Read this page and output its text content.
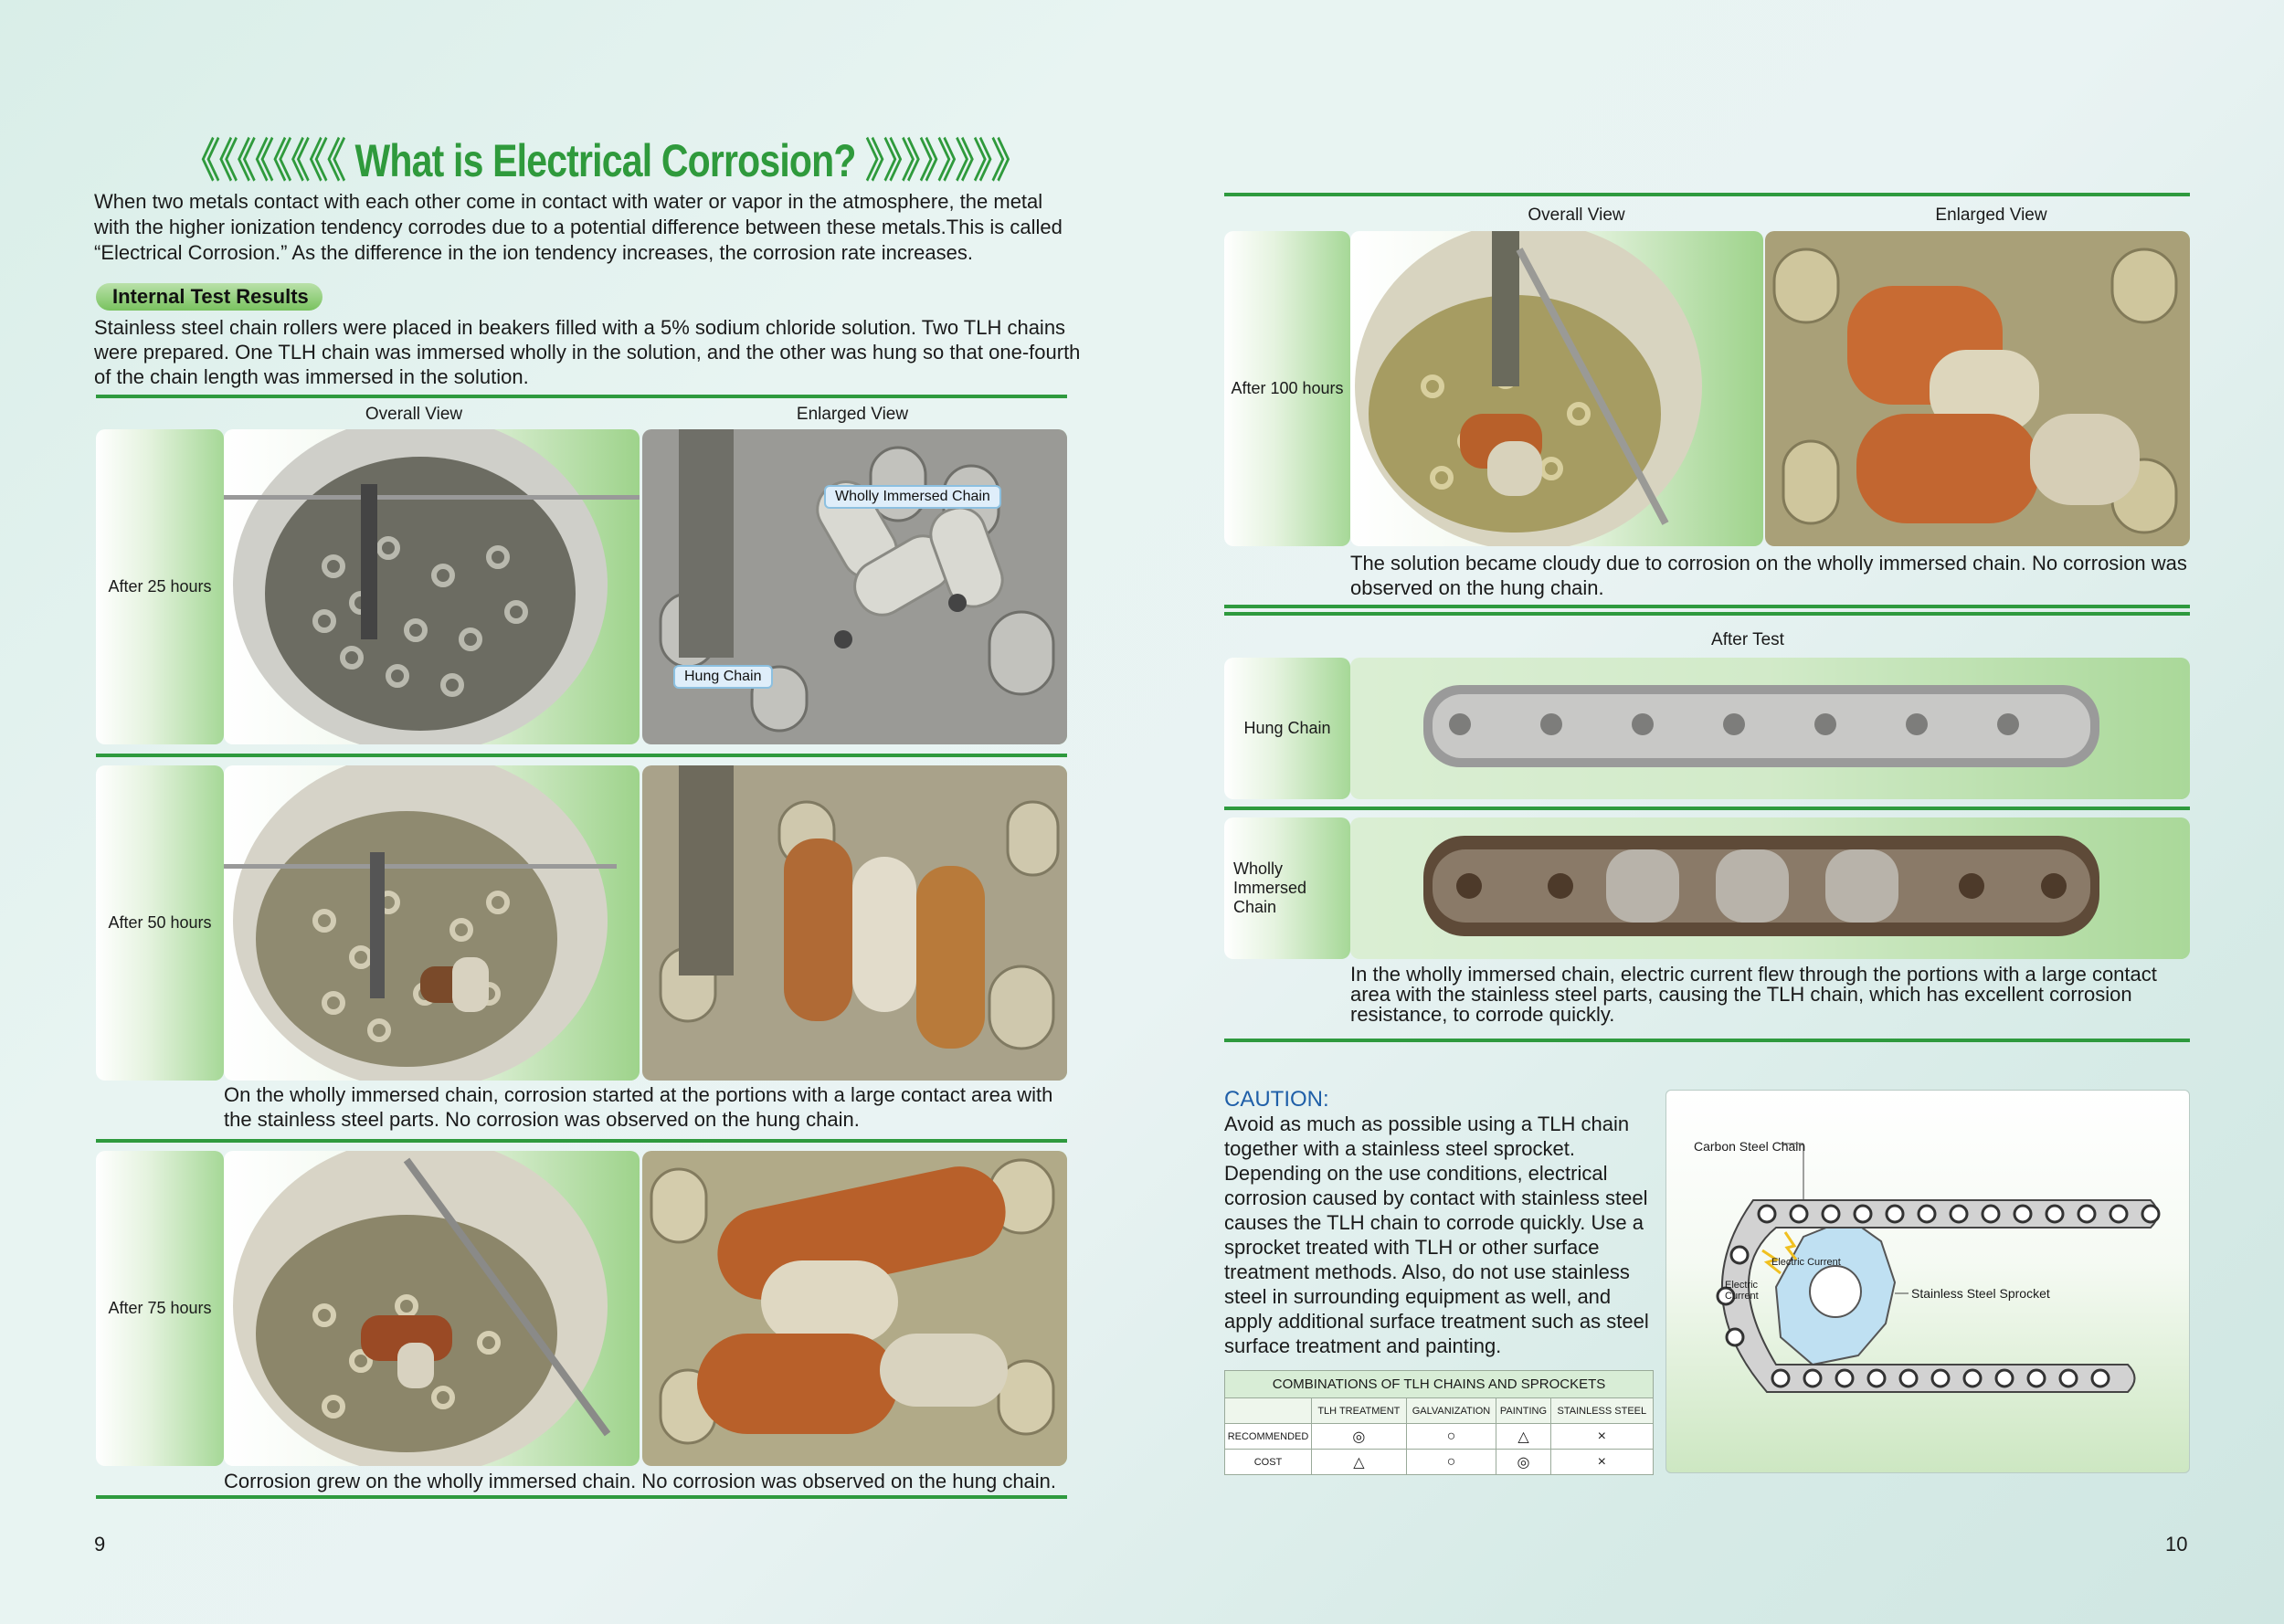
《《《《《《《《 What is Electrical Corrosion? 》》》》》》》》
When two metals contact with each other come in contact with water or vapor in the atmosphere, the metal with the higher ionization tendency corrodes due to a potential difference between these metals.This is called “Electrical Corrosion.” As the difference in the ion tendency increases, the corrosion rate increases.
Internal Test Results
Stainless steel chain rollers were placed in beakers filled with a 5% sodium chloride solution. Two TLH chains were prepared. One TLH chain was immersed wholly in the solution, and the other was hung so that one-fourth of the chain length was immersed in the solution.
Overall View	Enlarged View
After 25 hours
Wholly Immersed Chain
Hung Chain
After 50 hours
On the wholly immersed chain, corrosion started at the portions with a large contact area with the stainless steel parts. No corrosion was observed on the hung chain.
After 75 hours
Corrosion grew on the wholly immersed chain. No corrosion was observed on the hung chain.
9
Overall View	Enlarged View
After 100 hours
The solution became cloudy due to corrosion on the wholly immersed chain. No corrosion was observed on the hung chain.
After Test
Hung Chain
Wholly
Immersed Chain
In the wholly immersed chain, electric current flew through the portions with a large contact area with the stainless steel parts, causing the TLH chain, which has excellent corrosion resistance, to corrode quickly.
CAUTION:
Avoid as much as possible using a TLH chain together with a stainless steel sprocket. Depending on the use conditions, electrical corrosion caused by contact with stainless steel causes the TLH chain to corrode quickly. Use a sprocket treated with TLH or other surface treatment methods. Also, do not use stainless steel in surrounding equipment as well, and apply additional surface treatment such as steel surface treatment and painting.
COMBINATIONS OF TLH CHAINS AND SPROCKETS				
	TLH TREATMENT	GALVANIZATION	PAINTING	STAINLESS STEEL
RECOMMENDED	◎	○	△	×
COST	△	○	◎	×
Carbon Steel Chain
Electric Current
Electric
Current	Stainless Steel Sprocket
10
